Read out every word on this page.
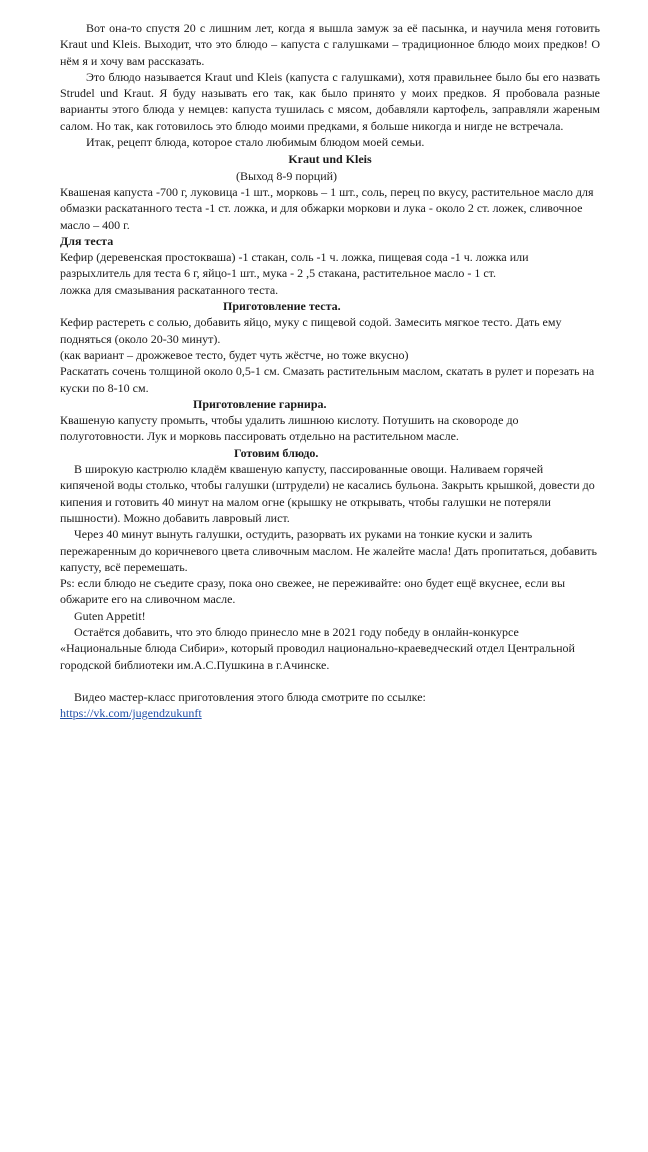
Вот она-то спустя 20 с лишним лет, когда я вышла замуж за её пасынка, и научила меня готовить Kraut und Kleis. Выходит, что это блюдо – капуста с галушками – традиционное блюдо моих предков! О нём я и хочу вам рассказать.

Это блюдо называется Kraut und Kleis (капуста с галушками), хотя правильнее было бы его назвать Strudel und Kraut. Я буду называть его так, как было принято у моих предков. Я пробовала разные варианты этого блюда у немцев: капуста тушилась с мясом, добавляли картофель, заправляли жареным салом. Но так, как готовилось это блюдо моими предками, я больше никогда и нигде не встречала.

Итак, рецепт блюда, которое стало любимым блюдом моей семьи.

Kraut und Kleis

(Выход 8-9 порций)

Квашеная капуста -700 г, луковица -1 шт., морковь – 1 шт., соль, перец по вкусу, растительное масло для обмазки раскатанного теста -1 ст. ложка, и для обжарки моркови и лука - около 2 ст. ложек, сливочное масло – 400 г.

Для теста

Кефир (деревенская простокваша) -1 стакан, соль -1 ч. ложка, пищевая сода -1 ч. ложка или разрыхлитель для теста 6 г, яйцо-1 шт., мука - 2 ,5 стакана, растительное масло - 1 ст.

ложка для смазывания раскатанного теста.

Приготовление теста.

Кефир растереть с солью, добавить яйцо, муку с пищевой содой. Замесить мягкое тесто. Дать ему подняться (около 20-30 минут).

(как вариант – дрожжевое тесто, будет чуть жёстче, но тоже вкусно)

Раскатать сочень толщиной около 0,5-1 см. Смазать растительным маслом, скатать в рулет и порезать на куски по 8-10 см.

Приготовление гарнира.

Квашеную капусту промыть, чтобы удалить лишнюю кислоту. Потушить на сковороде до полуготовности. Лук и морковь пассировать отдельно на растительном масле.

Готовим блюдо.

В широкую кастрюлю кладём квашеную капусту, пассированные овощи. Наливаем горячей кипяченой воды столько, чтобы галушки (штрудели) не касались бульона. Закрыть крышкой, довести до кипения и готовить 40 минут на малом огне (крышку не открывать, чтобы галушки не потеряли пышности). Можно добавить лавровый лист.

Через 40 минут вынуть галушки, остудить, разорвать их руками на тонкие куски и залить пережаренным до коричневого цвета сливочным маслом. Не жалейте масла! Дать пропитаться, добавить капусту, всё перемешать.

Ps: если блюдо не съедите сразу, пока оно свежее, не переживайте: оно будет ещё вкуснее, если вы обжарите его на сливочном масле.

Guten Appetit!

Остаётся добавить, что это блюдо принесло мне в 2021 году победу в онлайн-конкурсе «Национальные блюда Сибири», который проводил национально-краеведческий отдел Центральной городской библиотеки им.А.С.Пушкина в г.Ачинске.

Видео мастер-класс приготовления этого блюда смотрите по ссылке:

https://vk.com/jugendzukunft
